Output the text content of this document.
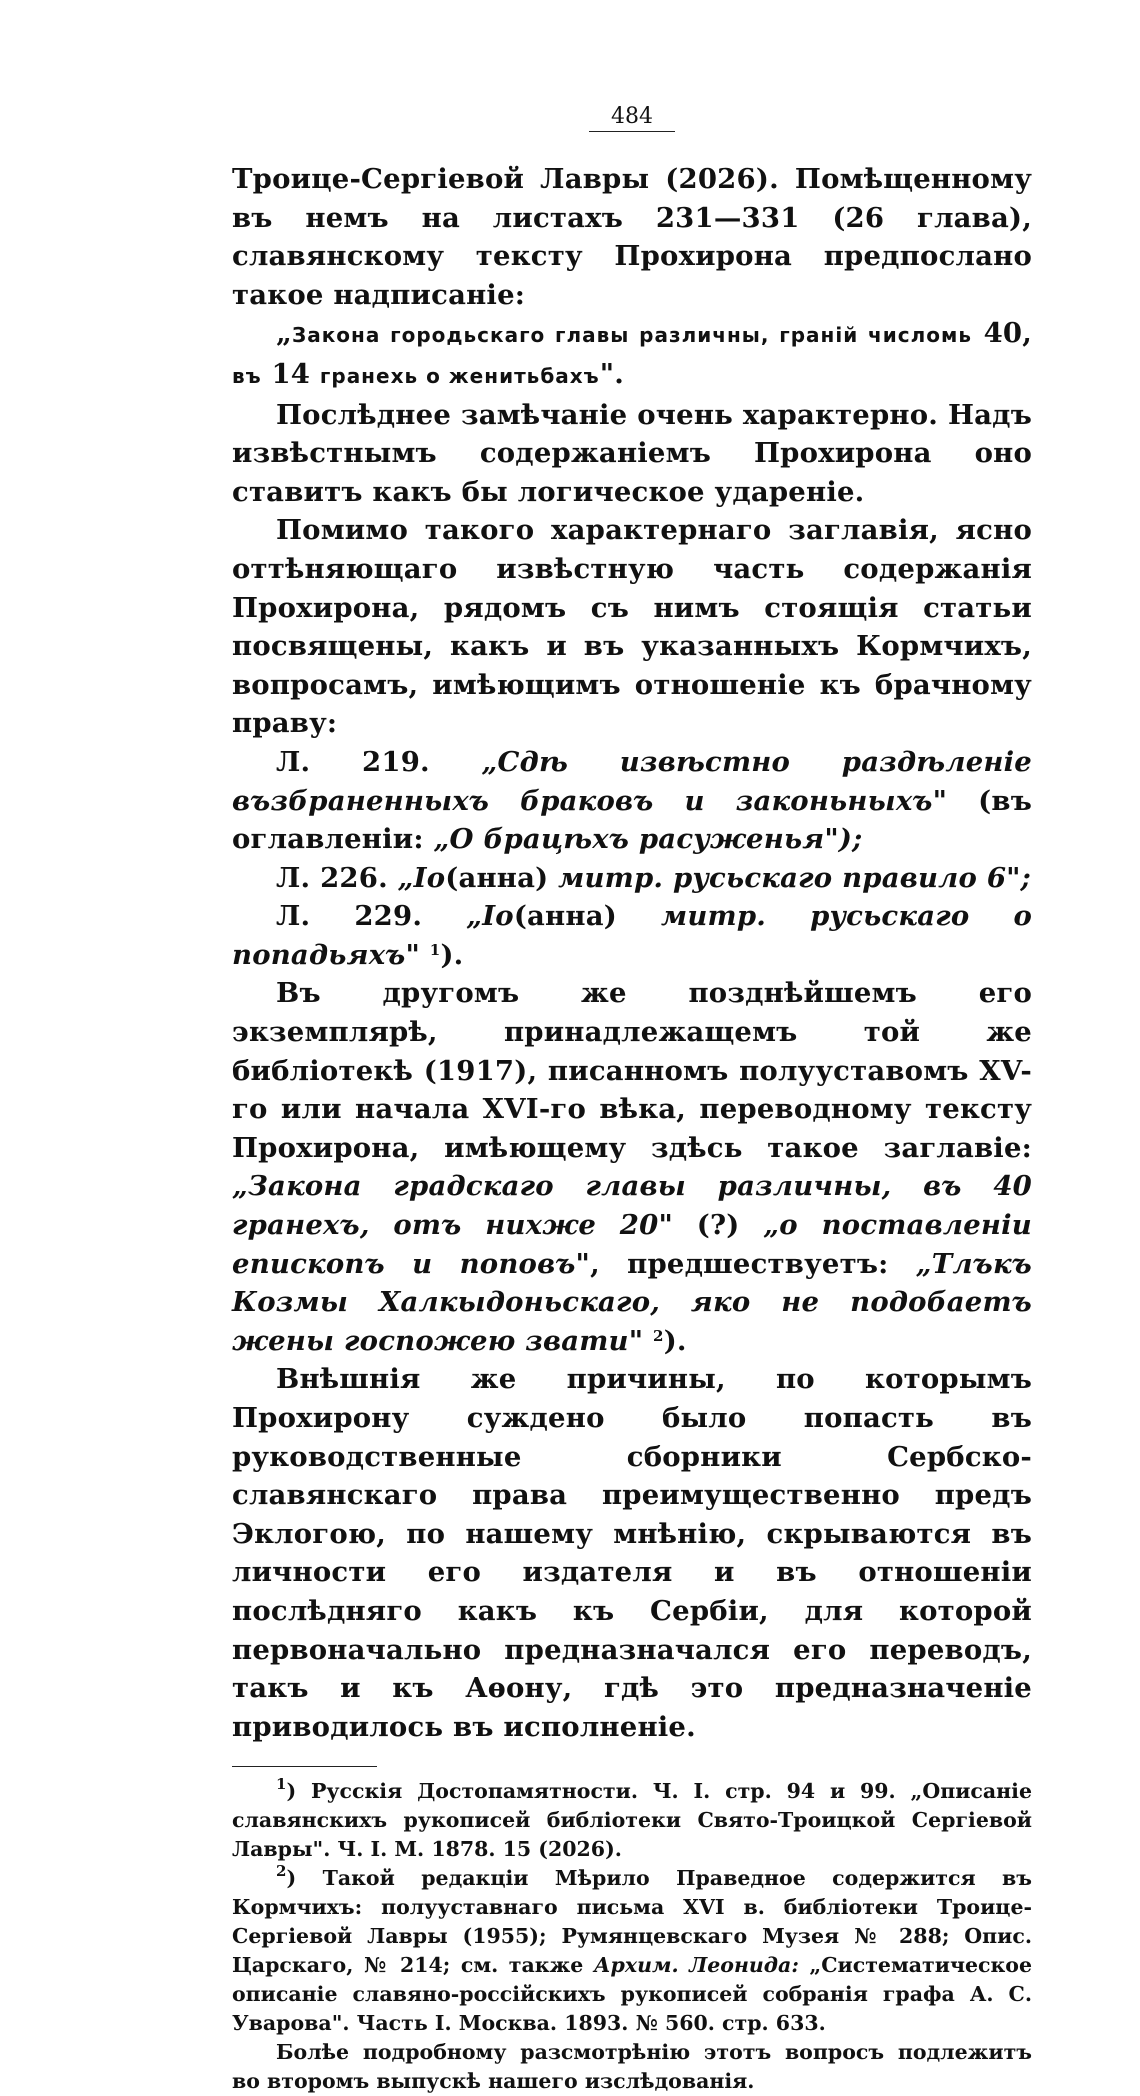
484

Троице-Сергіевой Лавры (2026). Помѣщенному въ немъ на листахъ 231—331 (26 глава), славянскому тексту Прохирона предпослано такое надписаніе:

„Закона городьскаго главы различны, граній числомь 40, въ 14 гранехь о женитьбахъ".

Послѣднее замѣчаніе очень характерно. Надъ извѣстнымъ содержаніемъ Прохирона оно ставитъ какъ бы логическое удареніе.

Помимо такого характернаго заглавія, ясно оттѣняющаго извѣстную часть содержанія Прохирона, рядомъ съ нимъ стоящія статьи посвящены, какъ и въ указанныхъ Кормчихъ, вопросамъ, имѣющимъ отношеніе къ брачному праву:

Л. 219. „Сдѣ извѣстно раздѣленіе възбраненныхъ браковъ и законьныхъ" (въ оглавленіи: „О брацѣхъ расуженья");

Л. 226. „Іо(анна) митр. русьскаго правило 6";

Л. 229. „Іо(анна) митр. русьскаго о попадьяхъ" $^1$).

Въ другомъ же позднѣйшемъ его экземплярѣ, принадлежащемъ той же библіотекѣ (1917), писанномъ полууставомъ XV-го или начала XVI-го вѣка, переводному тексту Прохирона, имѣющему здѣсь такое заглавіе: „Закона градскаго главы различны, въ 40 гранехъ, отъ нихже 20" (?) „о поставленіи епископъ и поповъ", предшествуетъ: „Тлъкъ Козмы Халкыдоньскаго, яко не подобаетъ жены госпожею звати" $^2$).

Внѣшнія же причины, по которымъ Прохирону суждено было попасть въ руководственные сборники Сербско-славянскаго права преимущественно предъ Эклогою, по нашему мнѣнію, скрываются въ личности его издателя и въ отношеніи послѣдняго какъ къ Сербіи, для которой первоначально предназначался его переводъ, такъ и къ Аѳону, гдѣ это предназначеніе приводилось въ исполненіе.

$^1$) Русскія Достопамятности. Ч. I. стр. 94 и 99. „Описаніе славянскихъ рукописей библіотеки Свято-Троицкой Сергіевой Лавры". Ч. I. М. 1878. 15 (2026).

$^2$) Такой редакціи Мѣрило Праведное содержится въ Кормчихъ: полууставнаго письма XVI в. библіотеки Троице-Сергіевой Лавры (1955); Румянцевскаго Музея № 288; Опис. Царскаго, № 214; см. также Архим. Леонида: „Систематическое описаніе славяно-россійскихъ рукописей собранія графа А. С. Уварова". Часть I. Москва. 1893. № 560. стр. 633.

Болѣе подробному разсмотрѣнію этотъ вопросъ подлежитъ во второмъ выпускѣ нашего изслѣдованія.
